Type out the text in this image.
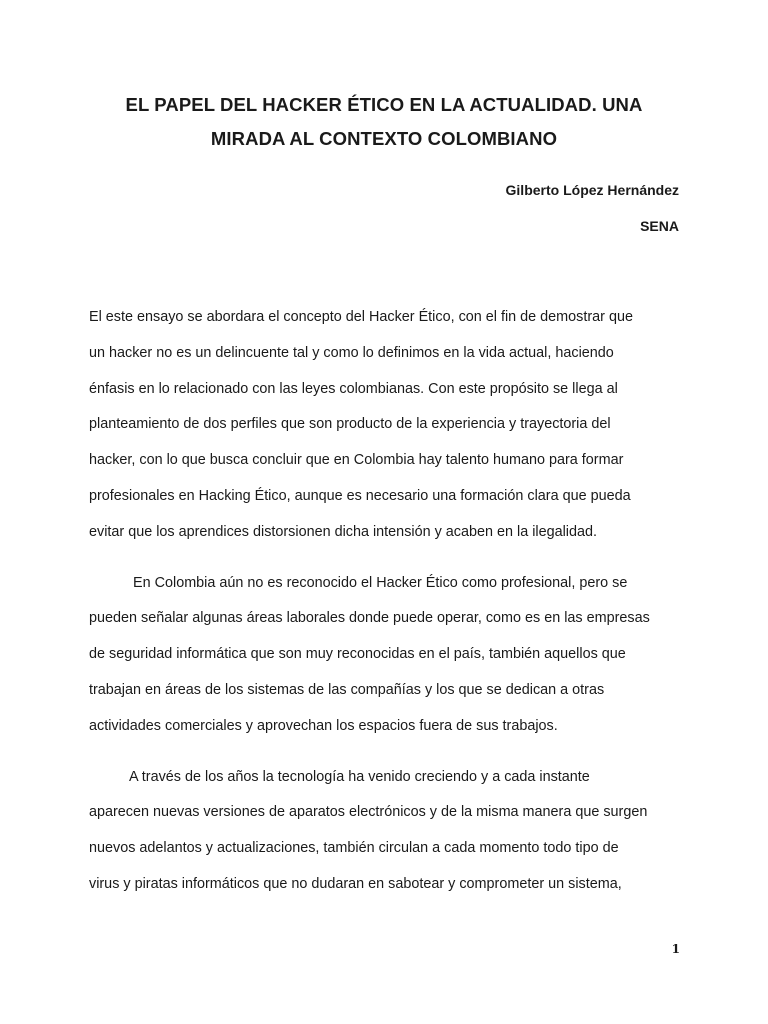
EL PAPEL DEL HACKER ÉTICO EN LA ACTUALIDAD. UNA
MIRADA AL CONTEXTO COLOMBIANO
Gilberto López Hernández
SENA

El este ensayo se abordara el concepto del Hacker Ético, con el fin de demostrar que
un hacker no es un delincuente tal y como lo definimos en la vida actual, haciendo
énfasis en lo relacionado con las leyes colombianas. Con este propósito se llega al
planteamiento de dos perfiles que son producto de la experiencia y trayectoria del
hacker, con lo que busca concluir que en Colombia hay talento humano para formar
profesionales en Hacking Ético, aunque es necesario una formación clara que pueda
evitar que los aprendices distorsionen dicha intensión y acaben en la ilegalidad.

En Colombia aún no es reconocido el Hacker Ético como profesional, pero se
pueden señalar algunas áreas laborales donde puede operar, como es en las empresas
de seguridad informática que son muy reconocidas en el país, también aquellos que
trabajan en áreas de los sistemas de las compañías y los que se dedican a otras
actividades comerciales y aprovechan los espacios fuera de sus trabajos.

A través de los años la tecnología ha venido creciendo y a cada instante
aparecen nuevas versiones de aparatos electrónicos y de la misma manera que surgen
nuevos adelantos y actualizaciones, también circulan a cada momento todo tipo de
virus y piratas informáticos que no dudaran en sabotear y comprometer un sistema,

1
